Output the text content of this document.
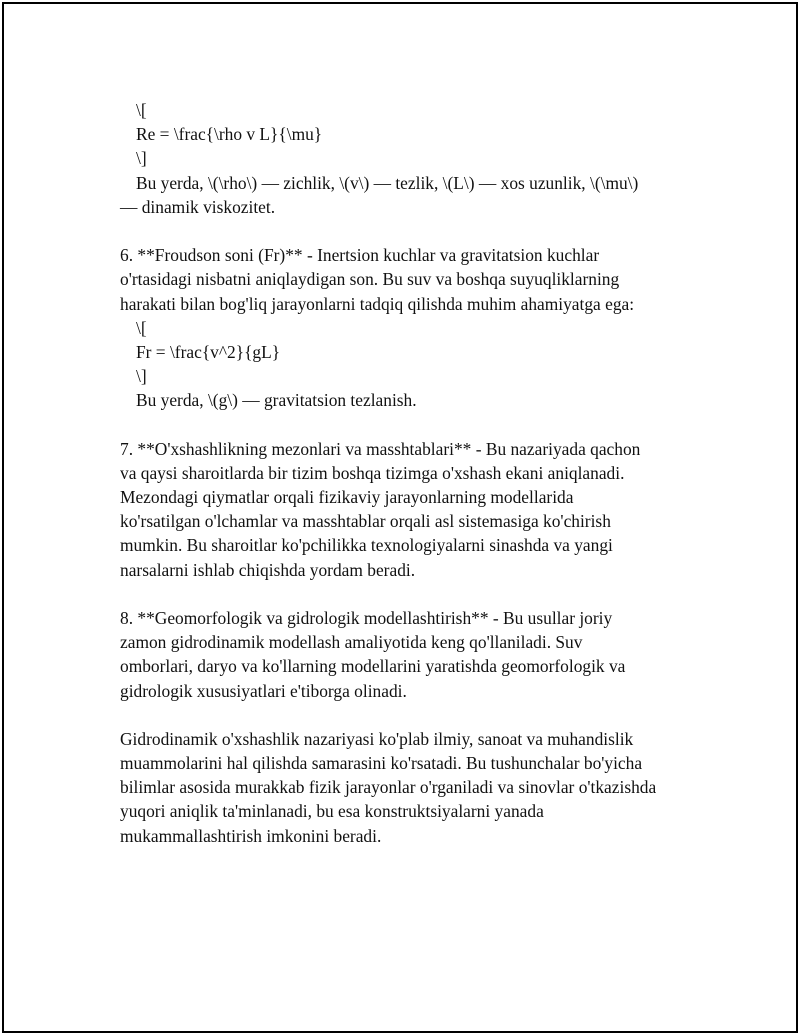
\[
Re = \frac{\rho v L}{\mu}
\]
Bu yerda, \(\rho\) — zichlik, \(v\) — tezlik, \(L\) — xos uzunlik, \(\mu\)
— dinamik viskozitet.
6. **Froudson soni (Fr)** - Inertsion kuchlar va gravitatsion kuchlar
o'rtasidagi nisbatni aniqlaydigan son. Bu suv va boshqa suyuqliklarning
harakati bilan bog'liq jarayonlarni tadqiq qilishda muhim ahamiyatga ega:
\[
Fr = \frac{v^2}{gL}
\]
Bu yerda, \(g\) — gravitatsion tezlanish.
7. **O'xshashlikning mezonlari va masshtablari** - Bu nazariyada qachon
va qaysi sharoitlarda bir tizim boshqa tizimga o'xshash ekani aniqlanadi.
Mezondagi qiymatlar orqali fizikaviy jarayonlarning modellarida
ko'rsatilgan o'lchamlar va masshtablar orqali asl sistemasiga ko'chirish
mumkin. Bu sharoitlar ko'pchilikka texnologiyalarni sinashda va yangi
narsalarni ishlab chiqishda yordam beradi.
8. **Geomorfologik va gidrologik modellashtirish** - Bu usullar joriy
zamon gidrodinamik modellash amaliyotida keng qo'llaniladi. Suv
omborlari, daryo va ko'llarning modellarini yaratishda geomorfologik va
gidrologik xususiyatlari e'tiborga olinadi.
Gidrodinamik o'xshashlik nazariyasi ko'plab ilmiy, sanoat va muhandislik
muammolarini hal qilishda samarasini ko'rsatadi. Bu tushunchalar bo'yicha
bilimlar asosida murakkab fizik jarayonlar o'rganiladi va sinovlar o'tkazishda
yuqori aniqlik ta'minlanadi, bu esa konstruktsiyalarni yanada
mukammallashtirish imkonini beradi.
